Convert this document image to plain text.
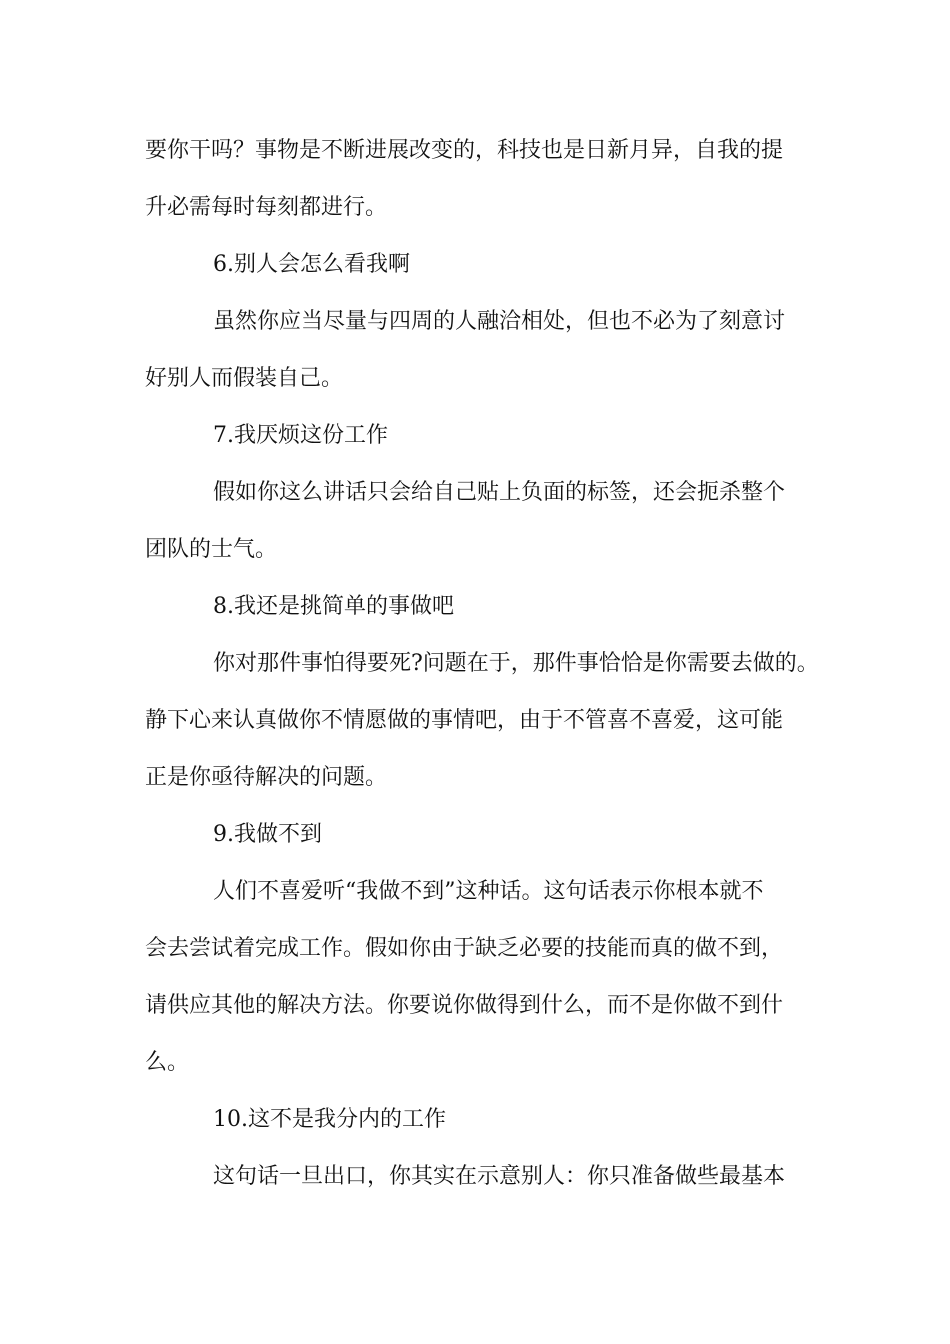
要你干吗？事物是不断进展改变的，科技也是日新月异，自我的提
升必需每时每刻都进行。
6.别人会怎么看我啊
虽然你应当尽量与四周的人融洽相处，但也不必为了刻意讨
好别人而假装自己。
7.我厌烦这份工作
假如你这么讲话只会给自己贴上负面的标签，还会扼杀整个
团队的士气。
8.我还是挑简单的事做吧
你对那件事怕得要死?问题在于，那件事恰恰是你需要去做的。
静下心来认真做你不情愿做的事情吧，由于不管喜不喜爱，这可能
正是你亟待解决的问题。
9.我做不到
人们不喜爱听“我做不到”这种话。这句话表示你根本就不
会去尝试着完成工作。假如你由于缺乏必要的技能而真的做不到，
请供应其他的解决方法。你要说你做得到什么，而不是你做不到什
么。
10.这不是我分内的工作
这句话一旦出口，你其实在示意别人：你只准备做些最基本
